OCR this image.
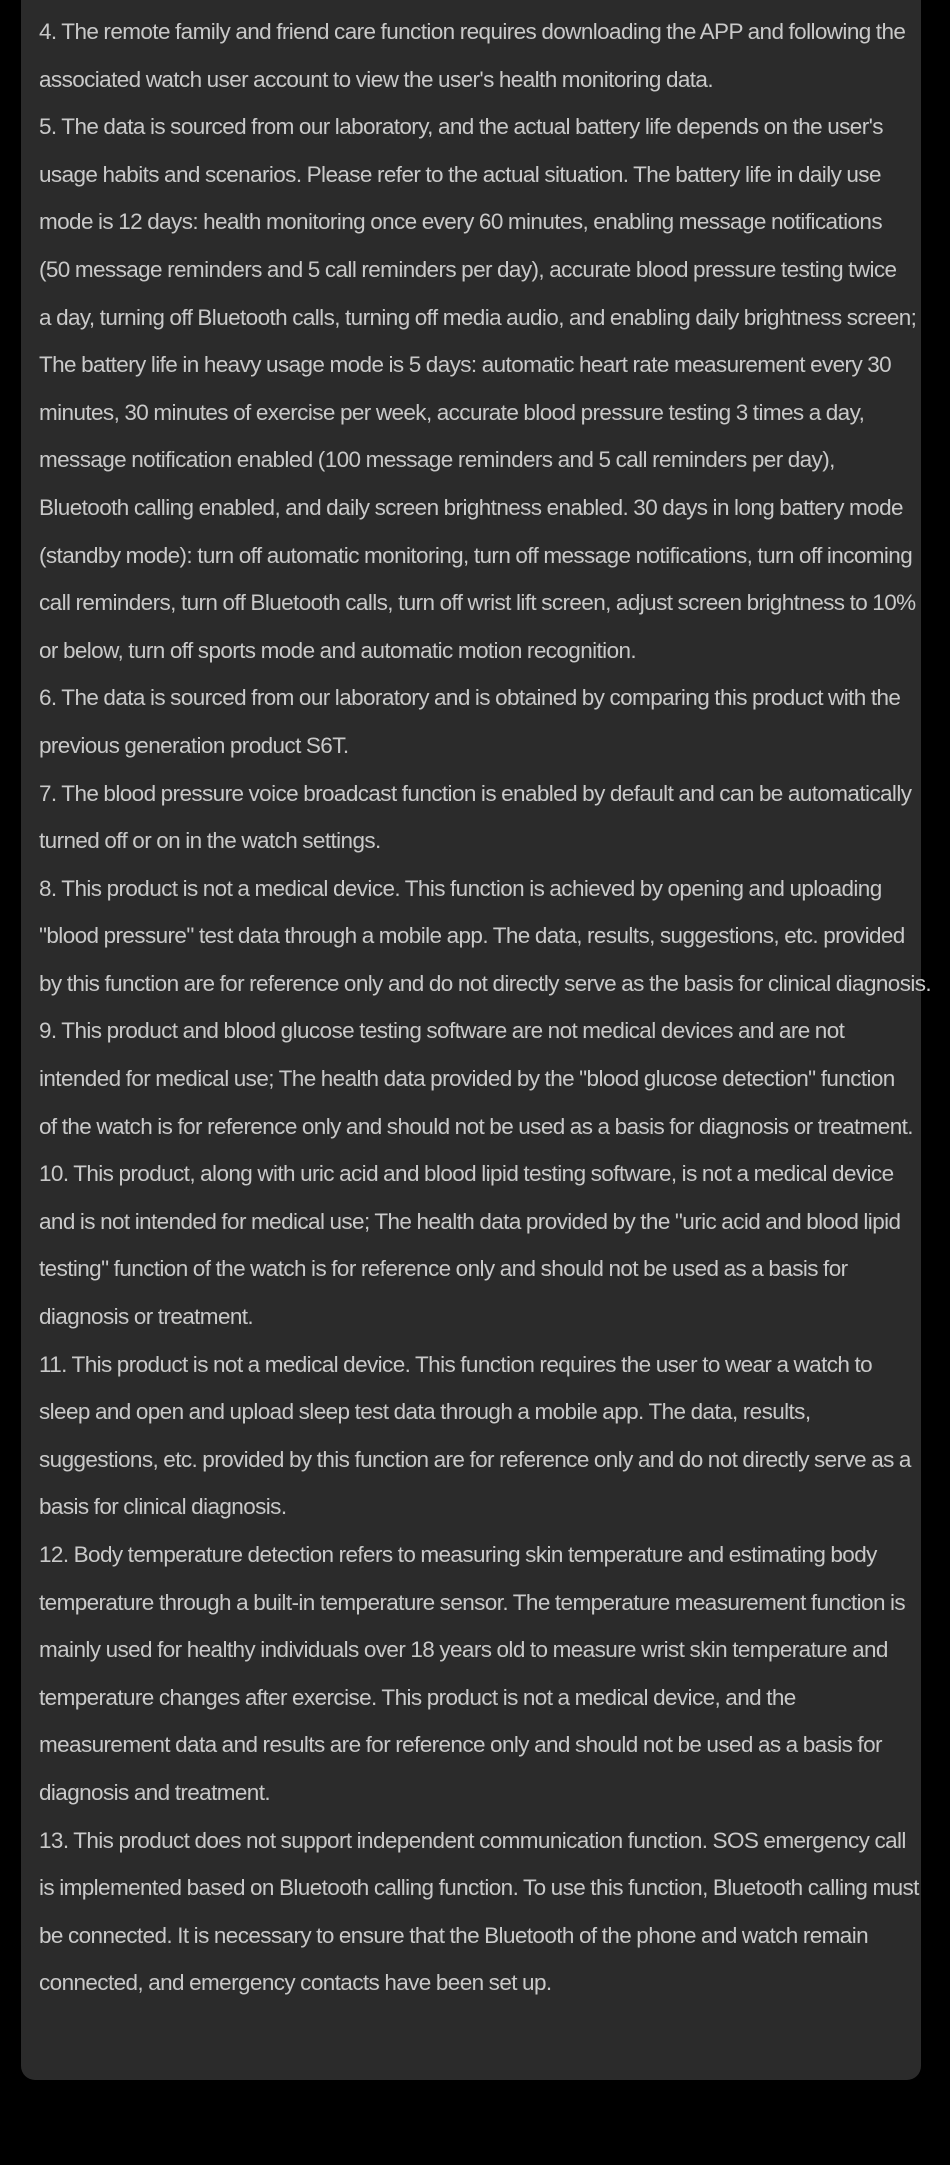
4. The remote family and friend care function requires downloading the APP and following the
associated watch user account to view the user's health monitoring data.
5. The data is sourced from our laboratory, and the actual battery life depends on the user's
usage habits and scenarios. Please refer to the actual situation. The battery life in daily use
mode is 12 days: health monitoring once every 60 minutes, enabling message notifications
(50 message reminders and 5 call reminders per day), accurate blood pressure testing twice
a day, turning off Bluetooth calls, turning off media audio, and enabling daily brightness screen;
The battery life in heavy usage mode is 5 days: automatic heart rate measurement every 30
minutes, 30 minutes of exercise per week, accurate blood pressure testing 3 times a day,
message notification enabled (100 message reminders and 5 call reminders per day),
Bluetooth calling enabled, and daily screen brightness enabled. 30 days in long battery mode
(standby mode): turn off automatic monitoring, turn off message notifications, turn off incoming
call reminders, turn off Bluetooth calls, turn off wrist lift screen, adjust screen brightness to 10%
or below, turn off sports mode and automatic motion recognition.
6. The data is sourced from our laboratory and is obtained by comparing this product with the
previous generation product S6T.
7. The blood pressure voice broadcast function is enabled by default and can be automatically
turned off or on in the watch settings.
8. This product is not a medical device. This function is achieved by opening and uploading
"blood pressure" test data through a mobile app. The data, results, suggestions, etc. provided
by this function are for reference only and do not directly serve as the basis for clinical diagnosis.
9. This product and blood glucose testing software are not medical devices and are not
intended for medical use; The health data provided by the "blood glucose detection" function
of the watch is for reference only and should not be used as a basis for diagnosis or treatment.
10. This product, along with uric acid and blood lipid testing software, is not a medical device
and is not intended for medical use; The health data provided by the "uric acid and blood lipid
testing" function of the watch is for reference only and should not be used as a basis for
diagnosis or treatment.
11. This product is not a medical device. This function requires the user to wear a watch to
sleep and open and upload sleep test data through a mobile app. The data, results,
suggestions, etc. provided by this function are for reference only and do not directly serve as a
basis for clinical diagnosis.
12. Body temperature detection refers to measuring skin temperature and estimating body
temperature through a built-in temperature sensor. The temperature measurement function is
mainly used for healthy individuals over 18 years old to measure wrist skin temperature and
temperature changes after exercise. This product is not a medical device, and the
measurement data and results are for reference only and should not be used as a basis for
diagnosis and treatment.
13. This product does not support independent communication function. SOS emergency call
is implemented based on Bluetooth calling function. To use this function, Bluetooth calling must
be connected. It is necessary to ensure that the Bluetooth of the phone and watch remain
connected, and emergency contacts have been set up.
